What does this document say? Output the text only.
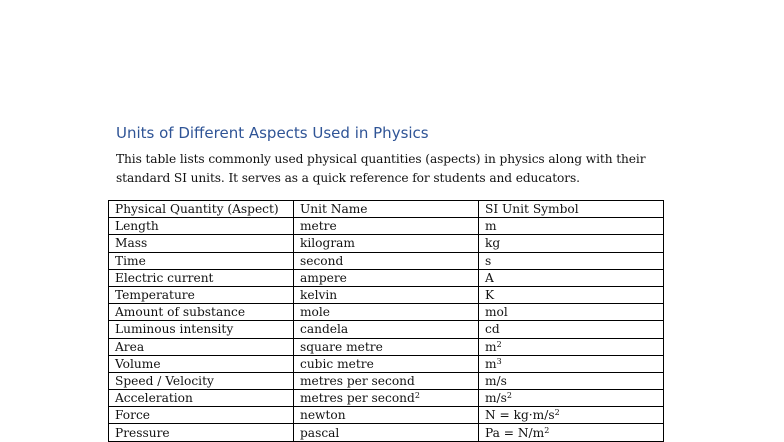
Units of Different Aspects Used in Physics

This table lists commonly used physical quantities (aspects) in physics along with their

standard SI units. It serves as a quick reference for students and educators.

Physical Quantity (Aspect)	Unit Name	SI Unit Symbol
Length	metre	m
Mass	kilogram	kg
Time	second	s
Electric current	ampere	A
Temperature	kelvin	K
Amount of substance	mole	mol
Luminous intensity	candela	cd
Area	square metre	$m^2$
Volume	cubic metre	$m^3$
Speed / Velocity	metres per second	m/s
Acceleration	metres per second$^2$	$m/s^2$
Force	newton	$N = kg\cdot m/s^2$
Pressure	pascal	$Pa = N/m^2$
